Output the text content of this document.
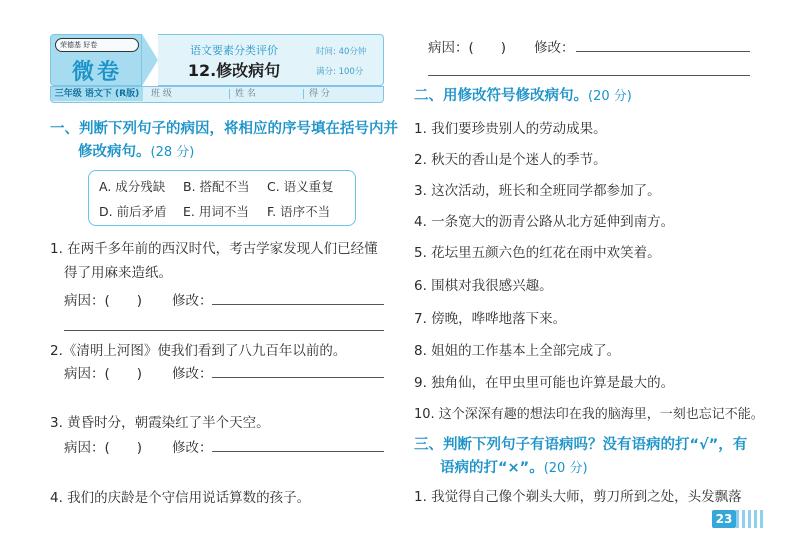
荣德基 好卷
微卷
语文要素分类评价
12.修改病句
时间: 40分钟
满分: 100分
三年级 语文下 (R版)	班 级	姓 名	得 分
一、判断下列句子的病因，将相应的序号填在括号内并
修改病句。(28 分)
A. 成分残缺 B. 搭配不当 C. 语义重复
D. 前后矛盾 E. 用词不当 F. 语序不当
1. 在两千多年前的西汉时代，考古学家发现人们已经懂
得了用麻来造纸。
病因：(　　) 修改：
2.《清明上河图》使我们看到了八九百年以前的。
病因：(　　) 修改：
3. 黄昏时分，朝霞染红了半个天空。
病因：(　　) 修改：
4. 我们的庆龄是个守信用说话算数的孩子。
病因：(　　) 修改：
二、用修改符号修改病句。(20 分)
1. 我们要珍贵别人的劳动成果。
2. 秋天的香山是个迷人的季节。
3. 这次活动，班长和全班同学都参加了。
4. 一条宽大的沥青公路从北方延伸到南方。
5. 花坛里五颜六色的红花在雨中欢笑着。
6. 围棋对我很感兴趣。
7. 傍晚，哗哗地落下来。
8. 姐姐的工作基本上全部完成了。
9. 独角仙，在甲虫里可能也许算是最大的。
10. 这个深深有趣的想法印在我的脑海里，一刻也忘记不能。
三、判断下列句子有语病吗？没有语病的打“√”，有
语病的打“×”。(20 分)
1. 我觉得自己像个剃头大师，剪刀所到之处，头发飘落
23
